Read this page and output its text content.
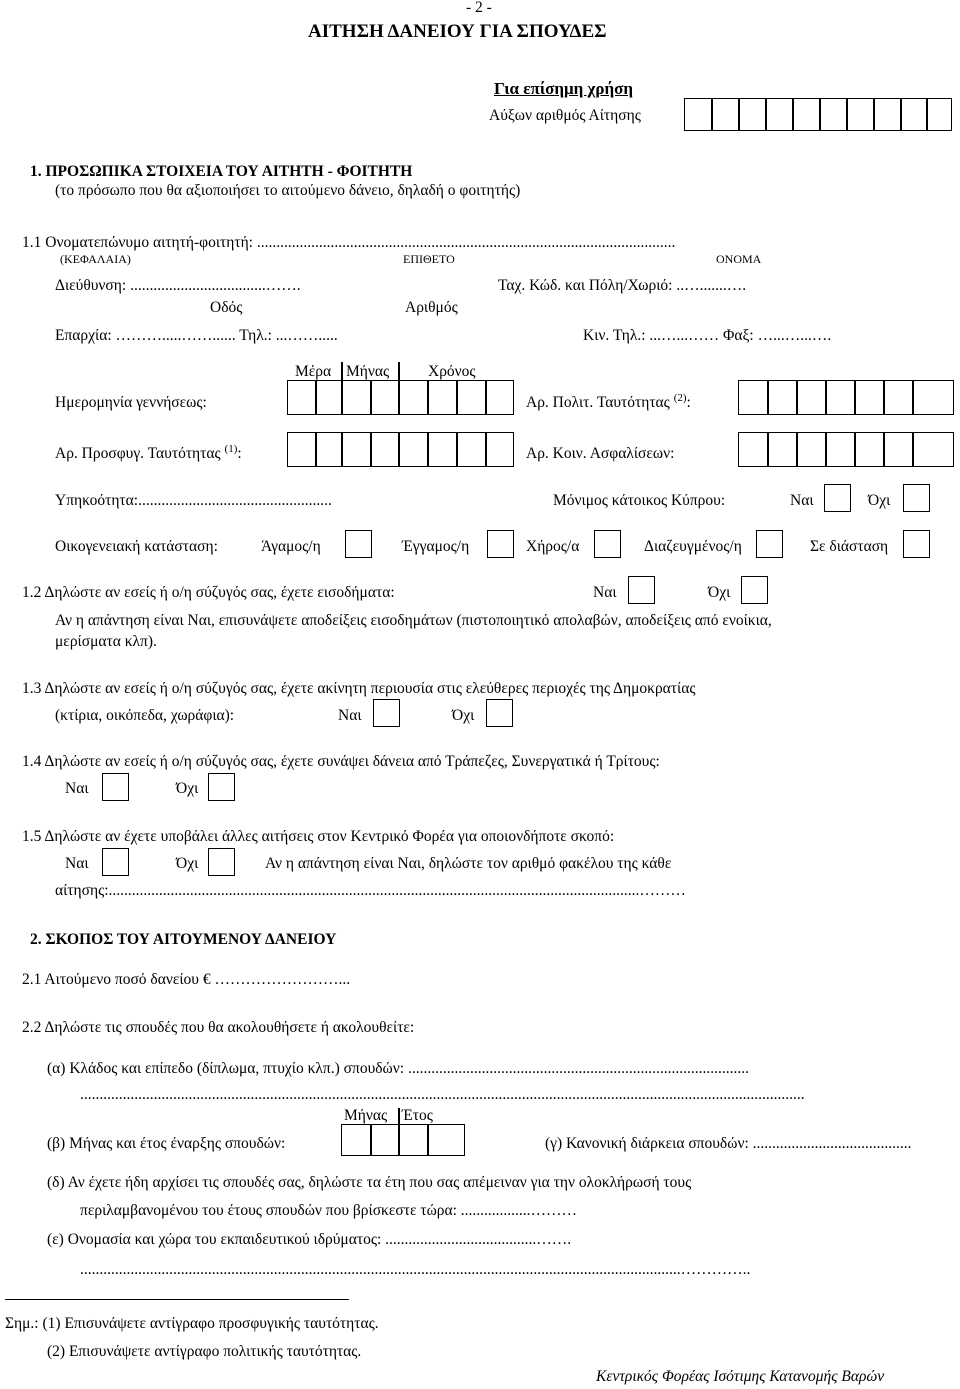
- 2 -
ΑΙΤΗΣΗ ΔΑΝΕΙΟΥ ΓΙΑ ΣΠΟΥΔΕΣ
Για επίσημη χρήση
Αύξων αριθμός Αίτησης
1. ΠΡΟΣΩΠΙΚΑ ΣΤΟΙΧΕΙΑ ΤΟΥ ΑΙΤΗΤΗ - ΦΟΙΤΗΤΗ
(το πρόσωπο που θα αξιοποιήσει το αιτούμενο δάνειο, δηλαδή ο φοιτητής)
1.1 Ονοματεπώνυμο αιτητή-φοιτητή: ............................................................................................................
(ΚΕΦΑΛΑΙΑ)	ΕΠΙΘΕΤΟ	ΟΝΟΜΑ
Διεύθυνση: ...................................…….	Ταχ. Κώδ. και Πόλη/Χωριό: ..….......….
Οδός	Αριθμός
Επαρχία: ……….....……...... Τηλ.: ...…….....	Κιν. Τηλ.: ...…...…… Φαξ: …...…...….
Μέρα Μήνας	Χρόνος
Ημερομηνία γεννήσεως:	Αρ. Πολιτ. Ταυτότητας $^{(2)}$:
Αρ. Προσφυγ. Ταυτότητας $^{(1)}$:	Αρ. Κοιν. Ασφαλίσεων:
Υπηκοότητα:..................................................	Μόνιμος κάτοικος Κύπρου:	Ναι	Όχι
Οικογενειακή κατάσταση:	Άγαμος/η	Έγγαμος/η	Χήρος/α	Διαζευγμένος/η	Σε διάσταση
1.2 Δηλώστε αν εσείς ή ο/η σύζυγός σας, έχετε εισοδήματα:	Ναι	Όχι
Αν η απάντηση είναι Ναι, επισυνάψετε αποδείξεις εισοδημάτων (πιστοποιητικό απολαβών, αποδείξεις από ενοίκια,
μερίσματα κλπ).
1.3 Δηλώστε αν εσείς ή ο/η σύζυγός σας, έχετε ακίνητη περιουσία στις ελεύθερες περιοχές της Δημοκρατίας
(κτίρια, οικόπεδα, χωράφια):	Ναι	Όχι
1.4 Δηλώστε αν εσείς ή ο/η σύζυγός σας, έχετε συνάψει δάνεια από Τράπεζες, Συνεργατικά ή Τρίτους:
Ναι	Όχι
1.5 Δηλώστε αν έχετε υποβάλει άλλες αιτήσεις στον Κεντρικό Φορέα για οποιονδήποτε σκοπό:
Ναι	Όχι	Αν η απάντηση είναι Ναι, δηλώστε τον αριθμό φακέλου της κάθε
αίτησης:.........................................................................................................................................………
2. ΣΚΟΠΟΣ ΤΟΥ ΑΙΤΟΥΜΕΝΟΥ ΔΑΝΕΙΟΥ
2.1 Αιτούμενο ποσό δανείου € ……………………...
2.2 Δηλώστε τις σπουδές που θα ακολουθήσετε ή ακολουθείτε:
(α) Κλάδος και επίπεδο (δίπλωμα, πτυχίο κλπ.) σπουδών: ........................................................................................
...........................................................................................................................................................................................
Μήνας Έτος
(β) Μήνας και έτος έναρξης σπουδών:	(γ) Κανονική διάρκεια σπουδών: .........................................
(δ) Αν έχετε ήδη αρχίσει τις σπουδές σας, δηλώστε τα έτη που σας απέμειναν για την ολοκλήρωσή τους
περιλαμβανομένου του έτους σπουδών που βρίσκεστε τώρα: ..................………
(ε) Ονομασία και χώρα του εκπαιδευτικού ιδρύματος: .......................................…….
...........................................................................................................................................................…………..
Σημ.: (1) Επισυνάψετε αντίγραφο προσφυγικής ταυτότητας.
(2) Επισυνάψετε αντίγραφο πολιτικής ταυτότητας.
Κεντρικός Φορέας Ισότιμης Κατανομής Βαρών
